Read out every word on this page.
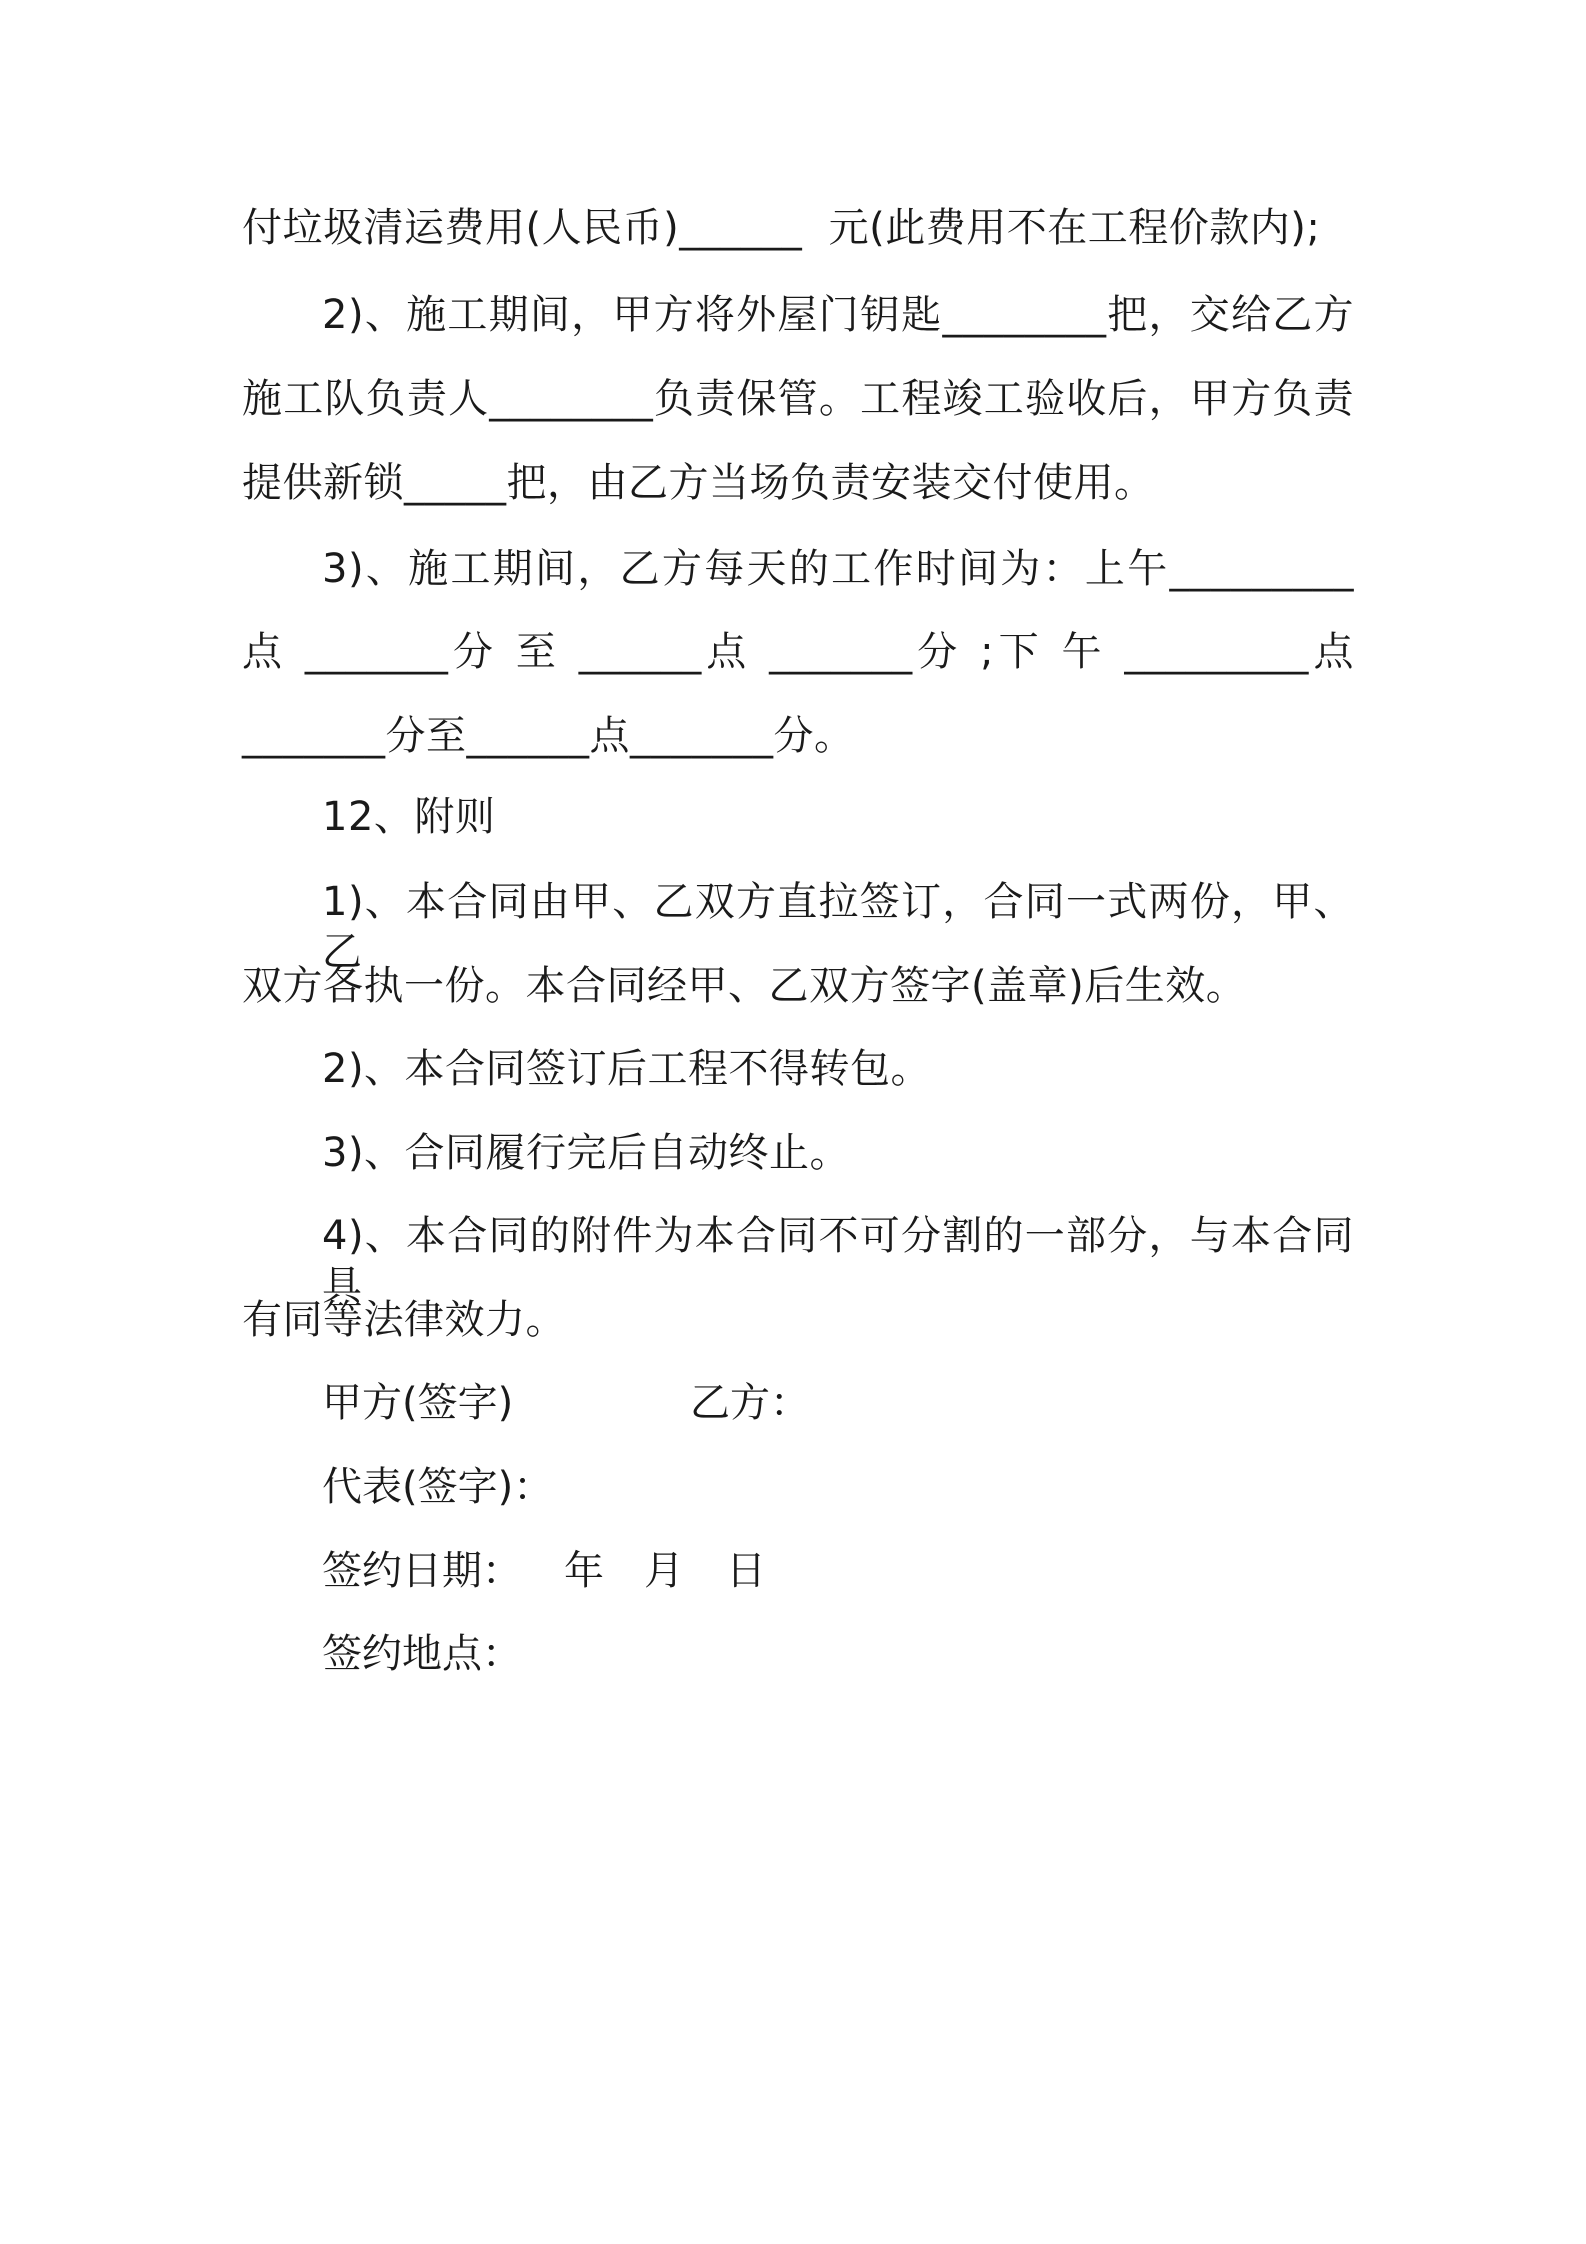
付垃圾清运费用(人民币)______  元(此费用不在工程价款内);
2)、施工期间，甲方将外屋门钥匙________把，交给乙方
施工队负责人________负责保管。工程竣工验收后，甲方负责
提供新锁_____把，由乙方当场负责安装交付使用。
3)、施工期间，乙方每天的工作时间为：上午_________
点 _______分 至 ______点 _______分 ;下 午 _________点
_______分至______点_______分。
12、附则
1)、本合同由甲、乙双方直拉签订，合同一式两份，甲、乙
双方各执一份。本合同经甲、乙双方签字(盖章)后生效。
2)、本合同签订后工程不得转包。
3)、合同履行完后自动终止。
4)、本合同的附件为本合同不可分割的一部分，与本合同具
有同等法律效力。
甲方(签字)	乙方：
代表(签字)：
签约日期： 年 月 日
签约地点：
